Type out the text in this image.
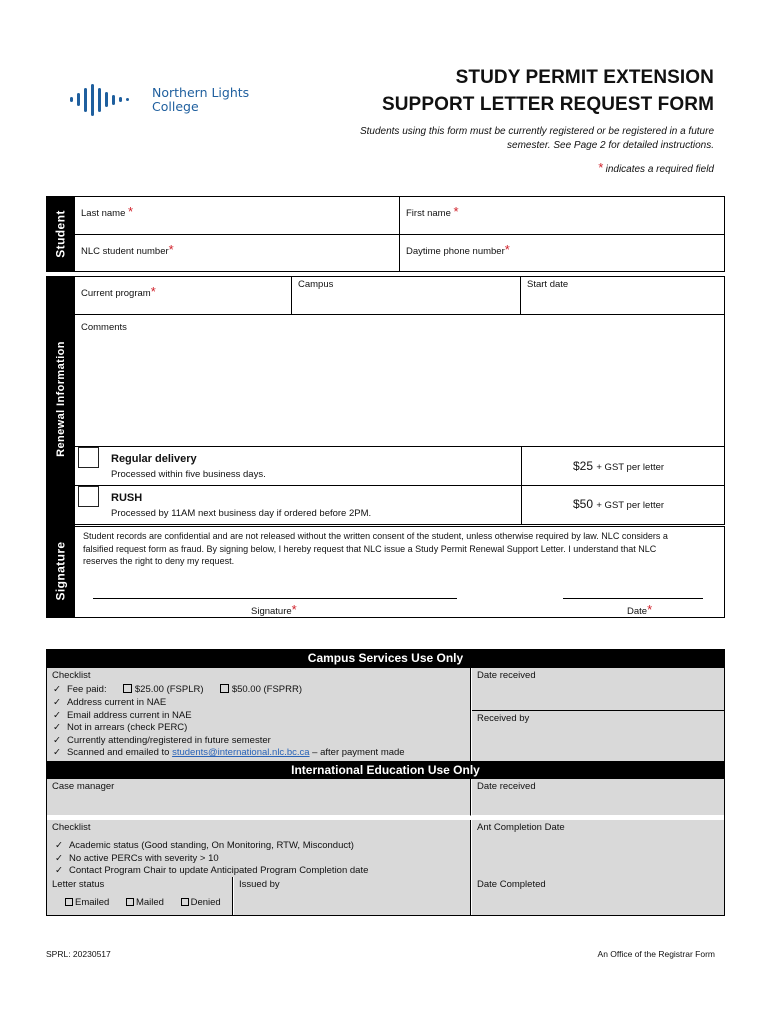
Northern Lights
College
STUDY PERMIT EXTENSION
SUPPORT LETTER REQUEST FORM
Students using this form must be currently registered or be registered in a future
semester. See Page 2 for detailed instructions.
* indicates a required field
Student	Last name *	First name *
NLC student number*	Daytime phone number*
Renewal Information
Current program*	Campus	Start date
Comments
Regular delivery
Processed within five business days.
$25 + GST per letter
RUSH
Processed by 11AM next business day if ordered before 2PM.
$50 + GST per letter
Signature
Student records are confidential and are not released without the written consent of the student, unless otherwise required by law. NLC considers a falsified request form as fraud. By signing below, I hereby request that NLC issue a Study Permit Renewal Support Letter. I understand that NLC reserves the right to deny my request.
Signature*	Date*
Campus Services Use Only
Checklist
✓ Fee paid:	$25.00 (FSPLR)	$50.00 (FSPRR)
✓ Address current in NAE
✓ Email address current in NAE
✓ Not in arrears (check PERC)
✓ Currently attending/registered in future semester
✓ Scanned and emailed to students@international.nlc.bc.ca – after payment made
Date received
Received by
International Education Use Only
Case manager	Date received
Checklist
✓ Academic status (Good standing, On Monitoring, RTW, Misconduct)
✓ No active PERCs with severity > 10
✓ Contact Program Chair to update Anticipated Program Completion date
Ant Completion Date
Letter status
Emailed	Mailed	Denied
Issued by	Date Completed
SPRL: 20230517	An Office of the Registrar Form
